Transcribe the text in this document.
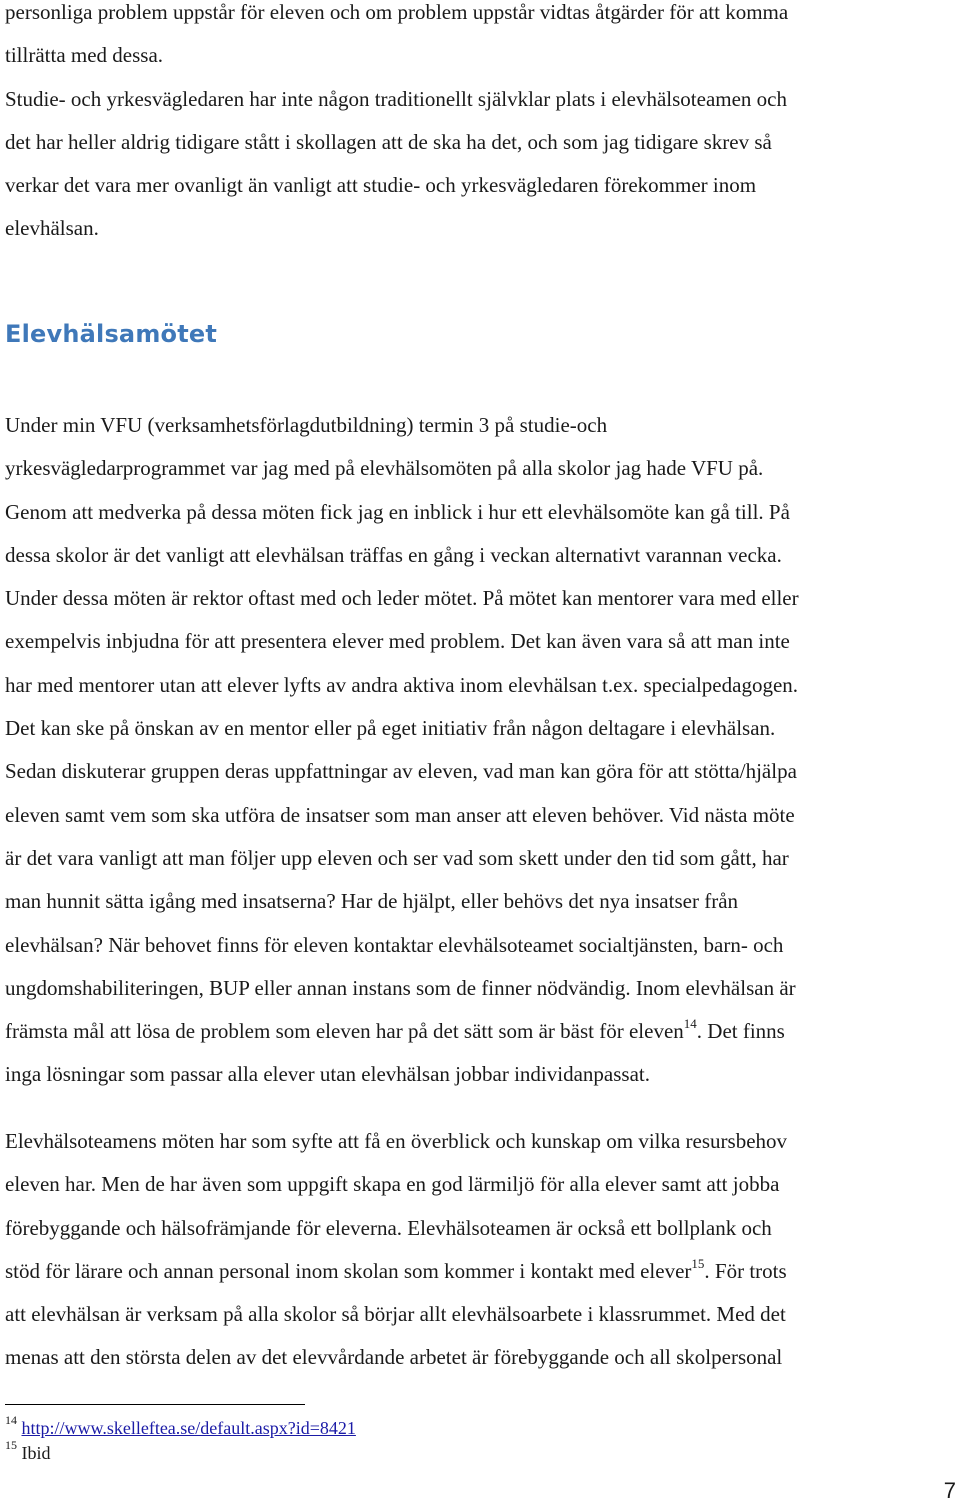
personliga problem uppstår för eleven och om problem uppstår vidtas åtgärder för att komma
tillrätta med dessa.
Studie- och yrkesvägledaren har inte någon traditionellt självklar plats i elevhälsoteamen och
det har heller aldrig tidigare stått i skollagen att de ska ha det, och som jag tidigare skrev så
verkar det vara mer ovanligt än vanligt att studie- och yrkesvägledaren förekommer inom
elevhälsan.
Elevhälsamötet
Under min VFU (verksamhetsförlagdutbildning) termin 3 på studie-och
yrkesvägledarprogrammet var jag med på elevhälsomöten på alla skolor jag hade VFU på.
Genom att medverka på dessa möten fick jag en inblick i hur ett elevhälsomöte kan gå till. På
dessa skolor är det vanligt att elevhälsan träffas en gång i veckan alternativt varannan vecka.
Under dessa möten är rektor oftast med och leder mötet. På mötet kan mentorer vara med eller
exempelvis inbjudna för att presentera elever med problem. Det kan även vara så att man inte
har med mentorer utan att elever lyfts av andra aktiva inom elevhälsan t.ex. specialpedagogen.
Det kan ske på önskan av en mentor eller på eget initiativ från någon deltagare i elevhälsan.
Sedan diskuterar gruppen deras uppfattningar av eleven, vad man kan göra för att stötta/hjälpa
eleven samt vem som ska utföra de insatser som man anser att eleven behöver. Vid nästa möte
är det vara vanligt att man följer upp eleven och ser vad som skett under den tid som gått, har
man hunnit sätta igång med insatserna? Har de hjälpt, eller behövs det nya insatser från
elevhälsan? När behovet finns för eleven kontaktar elevhälsoteamet socialtjänsten, barn- och
ungdomshabiliteringen, BUP eller annan instans som de finner nödvändig. Inom elevhälsan är
främsta mål att lösa de problem som eleven har på det sätt som är bäst för eleven$^{14}$. Det finns
inga lösningar som passar alla elever utan elevhälsan jobbar individanpassat.
Elevhälsoteamens möten har som syfte att få en överblick och kunskap om vilka resursbehov
eleven har. Men de har även som uppgift skapa en god lärmiljö för alla elever samt att jobba
förebyggande och hälsofrämjande för eleverna. Elevhälsoteamen är också ett bollplank och
stöd för lärare och annan personal inom skolan som kommer i kontakt med elever$^{15}$. För trots
att elevhälsan är verksam på alla skolor så börjar allt elevhälsoarbete i klassrummet. Med det
menas att den största delen av det elevvårdande arbetet är förebyggande och all skolpersonal
$^{14}$ http://www.skelleftea.se/default.aspx?id=8421
$^{15}$ Ibid
7
